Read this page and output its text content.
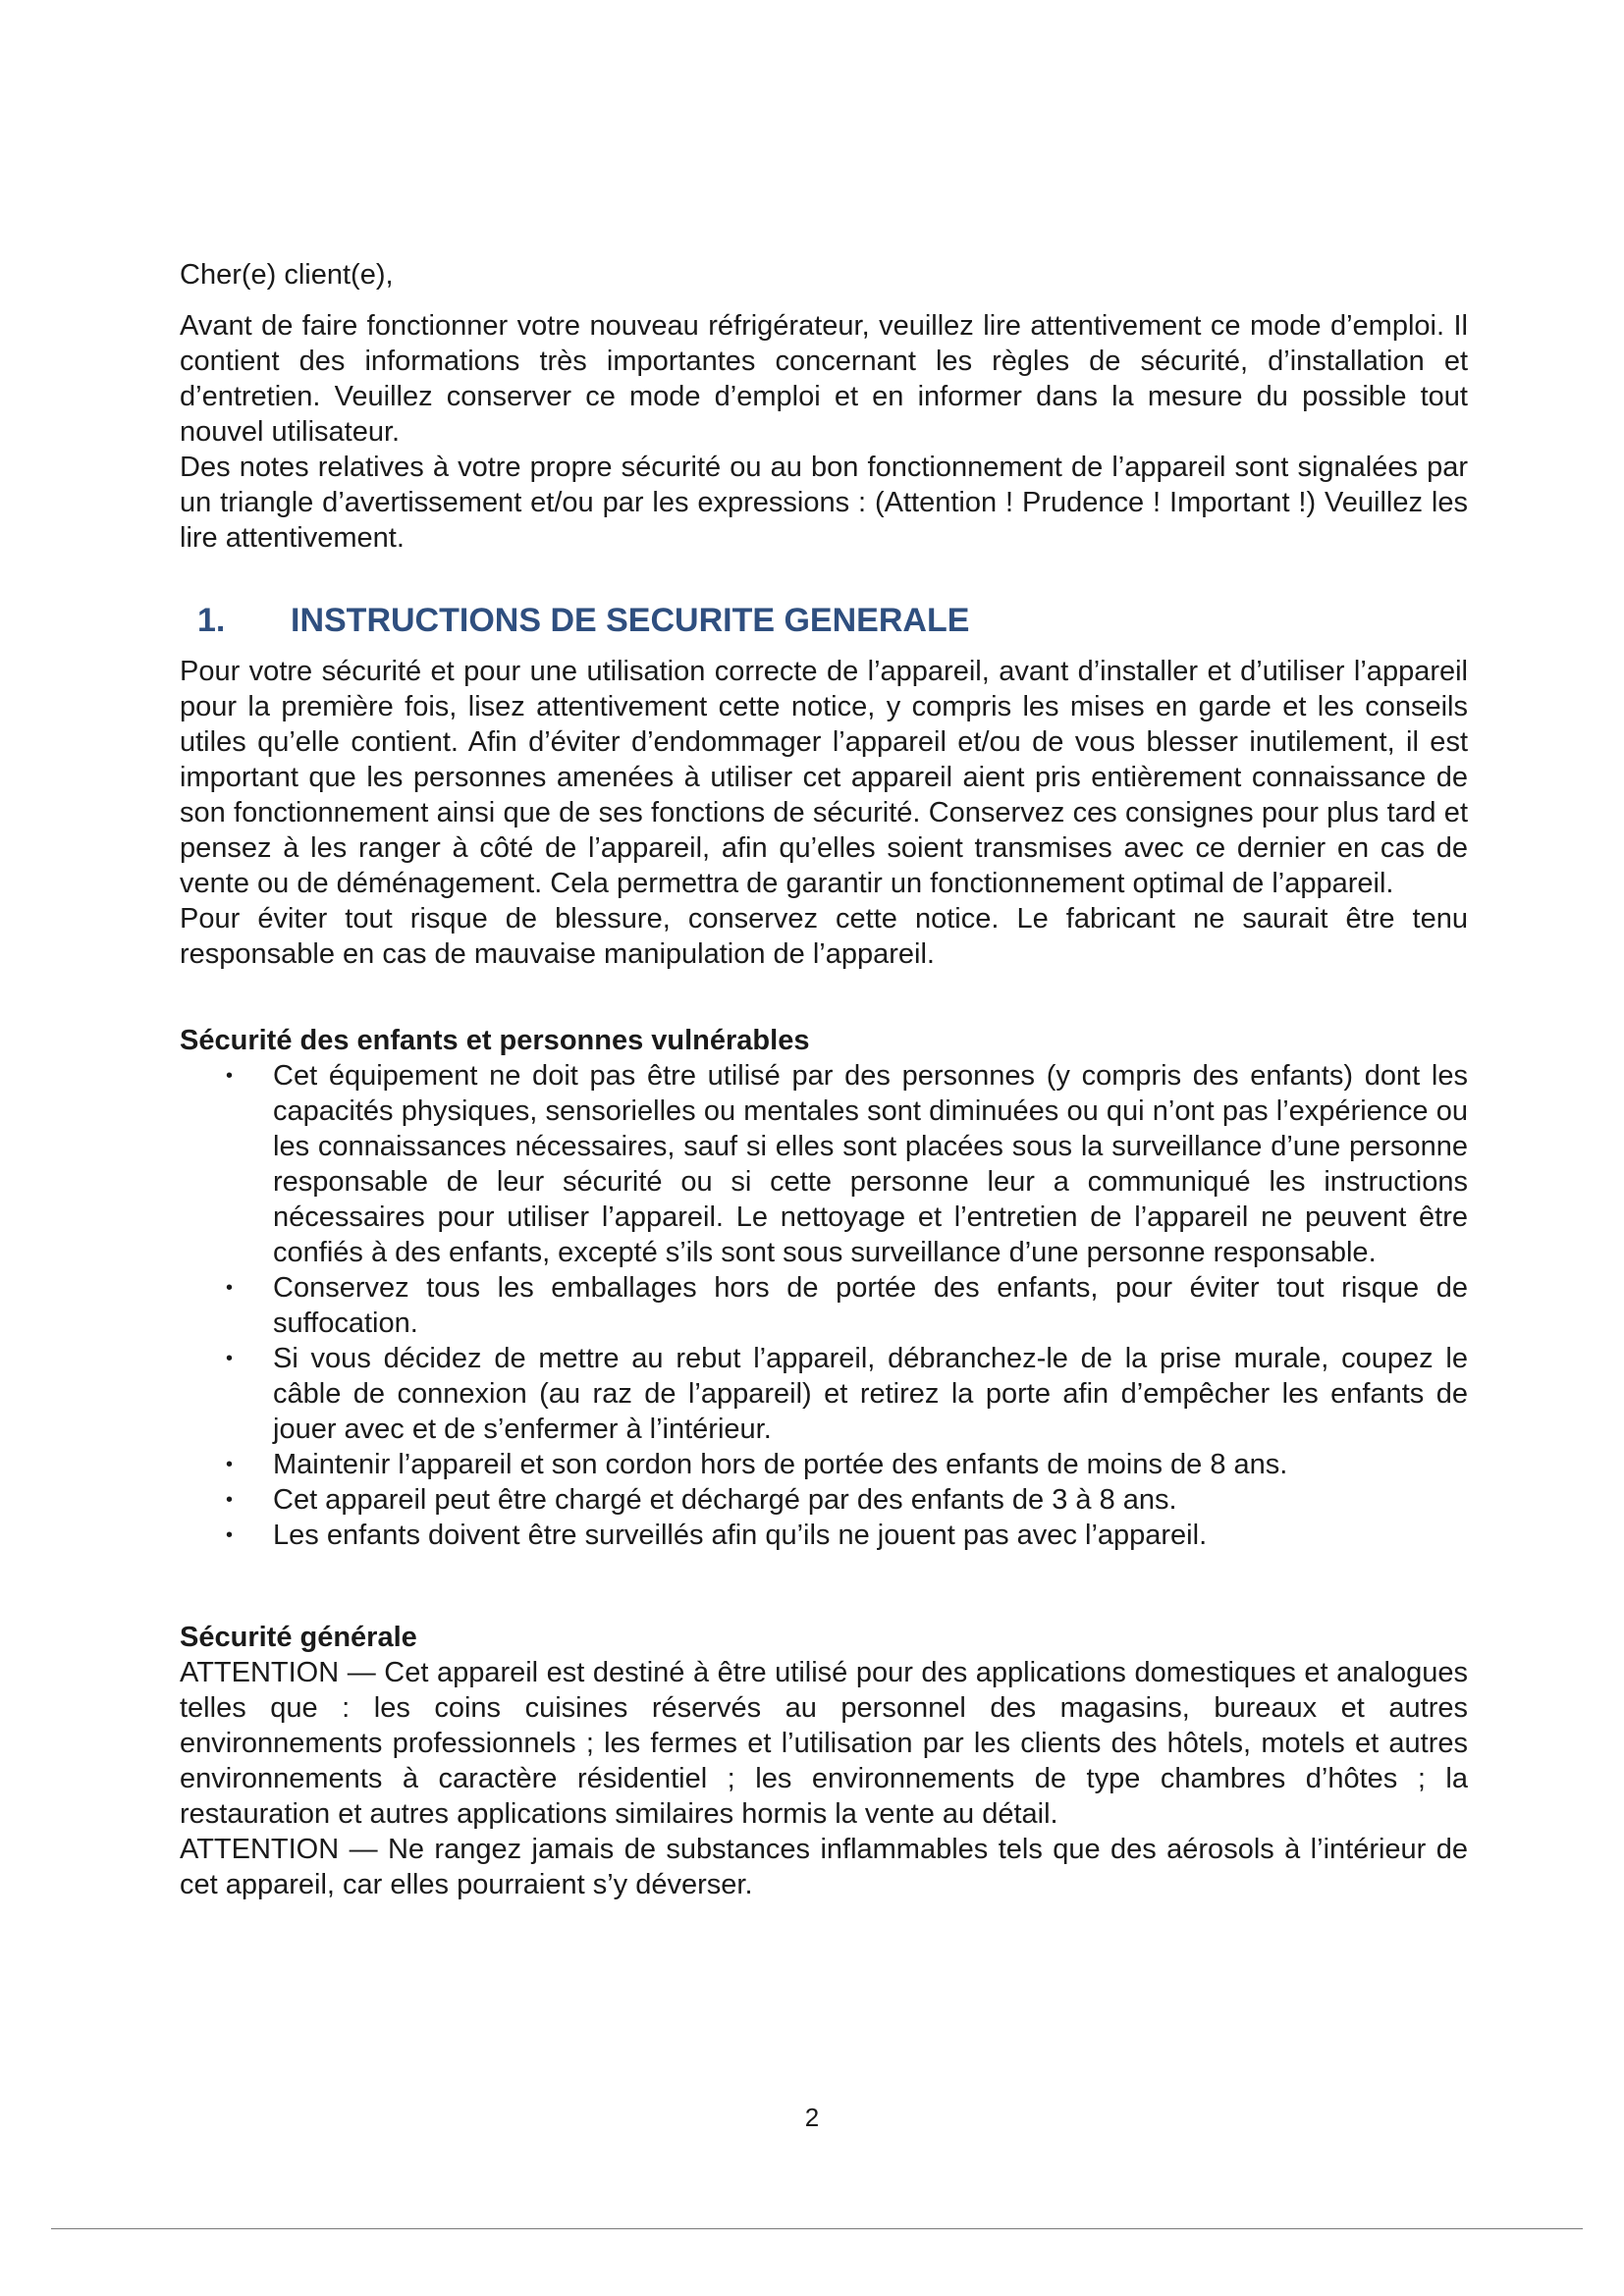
Cher(e) client(e),

Avant de faire fonctionner votre nouveau réfrigérateur, veuillez lire attentivement ce mode d’emploi. Il contient des informations très importantes concernant les règles de sécurité, d’installation et d’entretien. Veuillez conserver ce mode d’emploi et en informer dans la mesure du possible tout nouvel utilisateur.

Des notes relatives à votre propre sécurité ou au bon fonctionnement de l’appareil sont signalées par un triangle d’avertissement et/ou par les expressions : (Attention ! Prudence ! Important !) Veuillez les lire attentivement.

1.	INSTRUCTIONS DE SECURITE GENERALE

Pour votre sécurité et pour une utilisation correcte de l’appareil, avant d’installer et d’utiliser l’appareil pour la première fois, lisez attentivement cette notice, y compris les mises en garde et les conseils utiles qu’elle contient. Afin d’éviter d’endommager l’appareil et/ou de vous blesser inutilement, il est important que les personnes amenées à utiliser cet appareil aient pris entièrement connaissance de son fonctionnement ainsi que de ses fonctions de sécurité. Conservez ces consignes pour plus tard et pensez à les ranger à côté de l’appareil, afin qu’elles soient transmises avec ce dernier en cas de vente ou de déménagement. Cela permettra de garantir un fonctionnement optimal de l’appareil.

Pour éviter tout risque de blessure, conservez cette notice. Le fabricant ne saurait être tenu responsable en cas de mauvaise manipulation de l’appareil.

Sécurité des enfants et personnes vulnérables

• Cet équipement ne doit pas être utilisé par des personnes (y compris des enfants) dont les capacités physiques, sensorielles ou mentales sont diminuées ou qui n’ont pas l’expérience ou les connaissances nécessaires, sauf si elles sont placées sous la surveillance d’une personne responsable de leur sécurité ou si cette personne leur a communiqué les instructions nécessaires pour utiliser l’appareil. Le nettoyage et l’entretien de l’appareil ne peuvent être confiés à des enfants, excepté s’ils sont sous surveillance d’une personne responsable.
• Conservez tous les emballages hors de portée des enfants, pour éviter tout risque de suffocation.
• Si vous décidez de mettre au rebut l’appareil, débranchez-le de la prise murale, coupez le câble de connexion (au raz de l’appareil) et retirez la porte afin d’empêcher les enfants de jouer avec et de s’enfermer à l’intérieur.
• Maintenir l’appareil et son cordon hors de portée des enfants de moins de 8 ans.
• Cet appareil peut être chargé et déchargé par des enfants de 3 à 8 ans.
• Les enfants doivent être surveillés afin qu’ils ne jouent pas avec l’appareil.

Sécurité générale

ATTENTION — Cet appareil est destiné à être utilisé pour des applications domestiques et analogues telles que : les coins cuisines réservés au personnel des magasins, bureaux et autres environnements professionnels ; les fermes et l’utilisation par les clients des hôtels, motels et autres environnements à caractère résidentiel ; les environnements de type chambres d’hôtes ; la restauration et autres applications similaires hormis la vente au détail.

ATTENTION — Ne rangez jamais de substances inflammables tels que des aérosols à l’intérieur de cet appareil, car elles pourraient s’y déverser.

2
